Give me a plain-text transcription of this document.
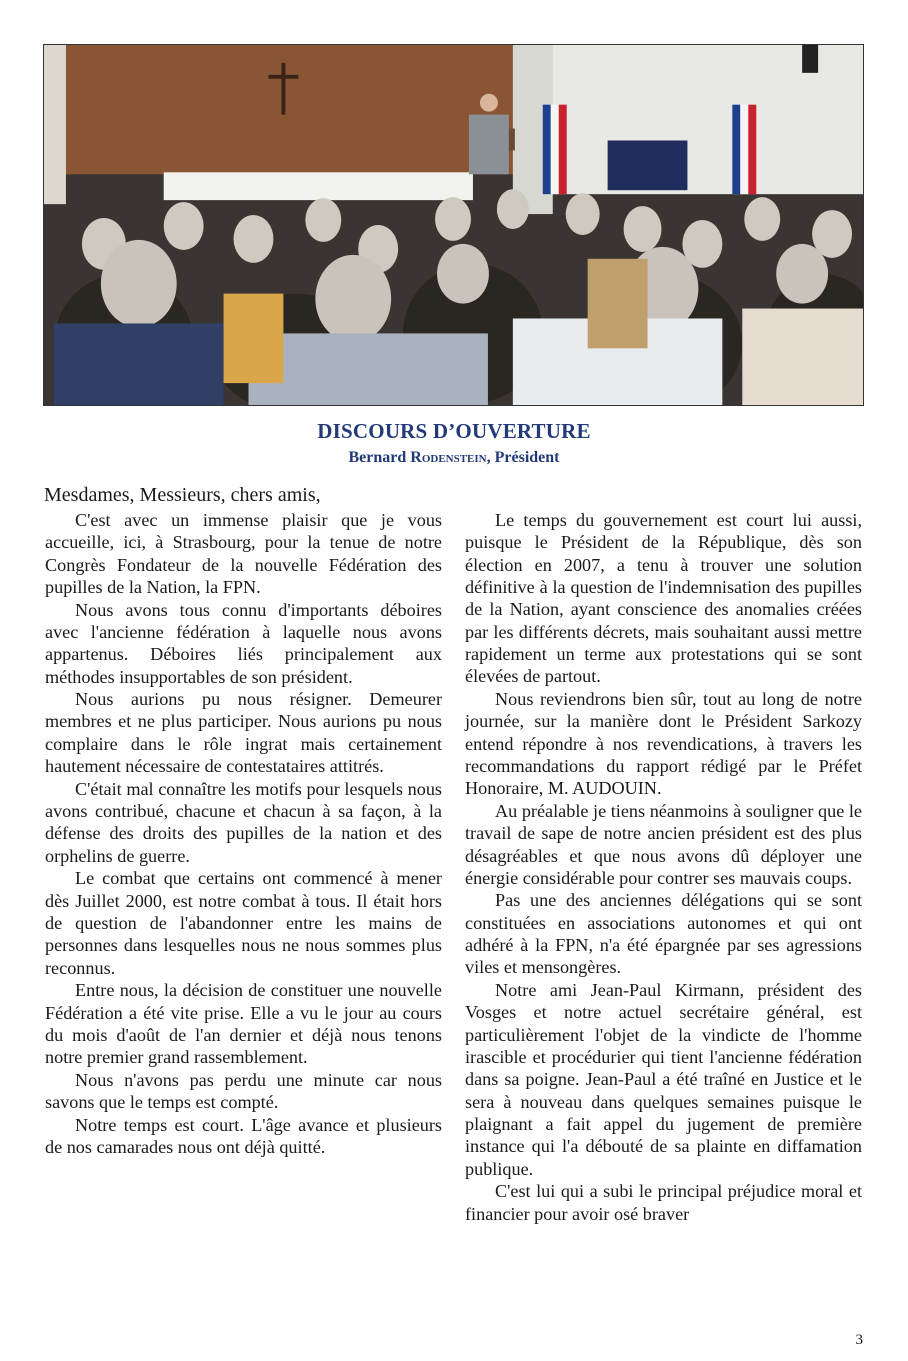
DISCOURS D’OUVERTURE
Bernard Rodenstein, Président
Mesdames, Messieurs, chers amis,

C'est avec un immense plaisir que je vous accueille, ici, à Strasbourg, pour la tenue de notre Congrès Fondateur de la nouvelle Fédération des pupilles de la Nation, la FPN.

Nous avons tous connu d'importants déboires avec l'ancienne fédération à laquelle nous avons appartenus. Déboires liés principalement aux méthodes insupportables de son président.

Nous aurions pu nous résigner. Demeurer membres et ne plus participer. Nous aurions pu nous complaire dans le rôle ingrat mais certainement hautement nécessaire de contestataires attitrés.

C'était mal connaître les motifs pour lesquels nous avons contribué, chacune et chacun à sa façon, à la défense des droits des pupilles de la nation et des orphelins de guerre.

Le combat que certains ont commencé à mener dès Juillet 2000, est notre combat à tous. Il était hors de question de l'abandonner entre les mains de personnes dans lesquelles nous ne nous sommes plus reconnus.

Entre nous, la décision de constituer une nouvelle Fédération a été vite prise. Elle a vu le jour au cours du mois d'août de l'an dernier et déjà nous tenons notre premier grand rassemblement.

Nous n'avons pas perdu une minute car nous savons que le temps est compté.

Notre temps est court. L'âge avance et plusieurs de nos camarades nous ont déjà quitté.

Le temps du gouvernement est court lui aussi, puisque le Président de la République, dès son élection en 2007, a tenu à trouver une solution définitive à la question de l'indemnisation des pupilles de la Nation, ayant conscience des anomalies créées par les différents décrets, mais souhaitant aussi mettre rapidement un terme aux protestations qui se sont élevées de partout.

Nous reviendrons bien sûr, tout au long de notre journée, sur la manière dont le Président Sarkozy entend répondre à nos revendications, à travers les recommandations du rapport rédigé par le Préfet Honoraire, M. AUDOUIN.

Au préalable je tiens néanmoins à souligner que le travail de sape de notre ancien président est des plus désagréables et que nous avons dû déployer une énergie considérable pour contrer ses mauvais coups.

Pas une des anciennes délégations qui se sont constituées en associations autonomes et qui ont adhéré à la FPN, n'a été épargnée par ses agressions viles et mensongères.

Notre ami Jean-Paul Kirmann, président des Vosges et notre actuel secrétaire général, est particulièrement l'objet de la vindicte de l'homme irascible et procédurier qui tient l'ancienne fédération dans sa poigne. Jean-Paul a été traîné en Justice et le sera à nouveau dans quelques semaines puisque le plaignant a fait appel du jugement de première instance qui l'a débouté de sa plainte en diffamation publique.

C'est lui qui a subi le principal préjudice moral et financier pour avoir osé braver

3
